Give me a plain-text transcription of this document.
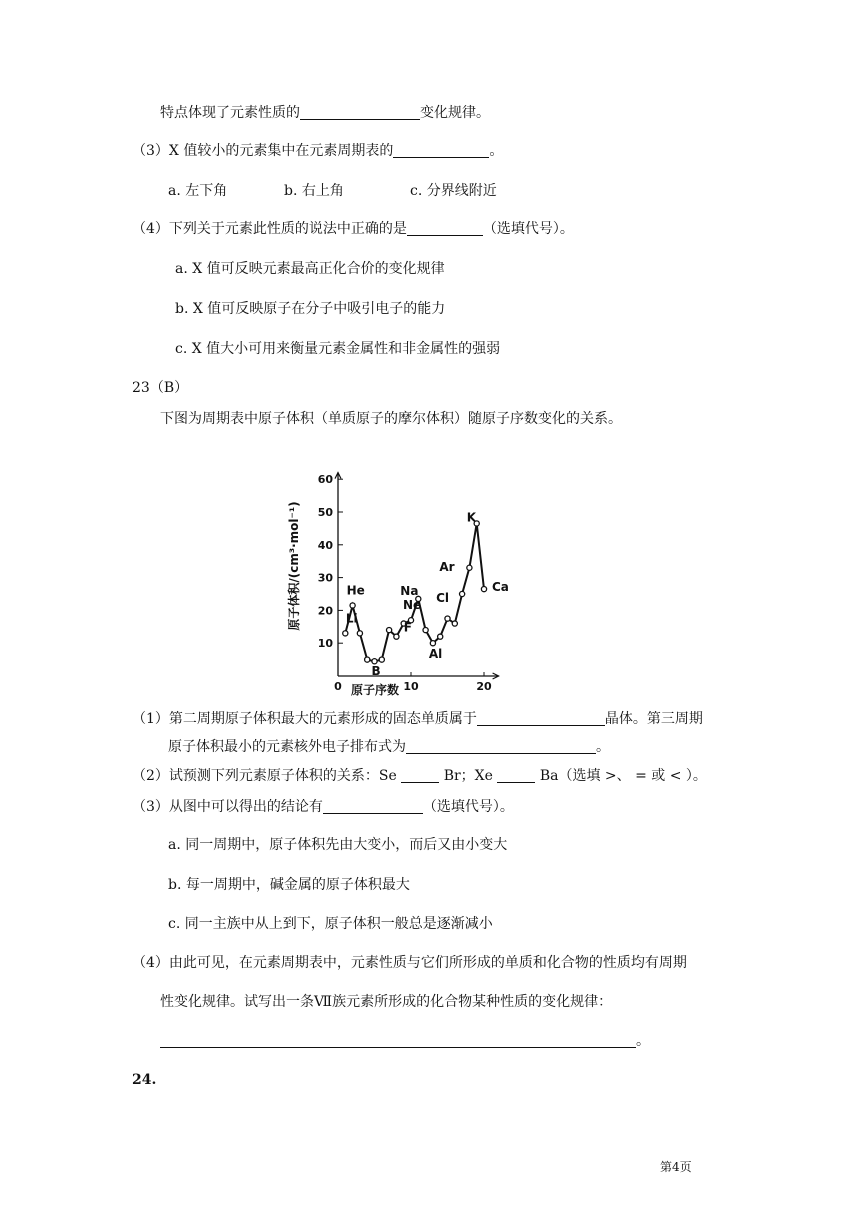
特点体现了元素性质的	变化规律。
（3）X 值较小的元素集中在元素周期表的	。
a. 左下角	b. 右上角	c. 分界线附近
（4）下列关于元素此性质的说法中正确的是	（选填代号）。
a. X 值可反映元素最高正化合价的变化规律
b. X 值可反映原子在分子中吸引电子的能力
c. X 值大小可用来衡量元素金属性和非金属性的强弱
23（B）
下图为周期表中原子体积（单质原子的摩尔体积）随原子序数变化的关系。
10
20
30
40
50
60
0	10	20
He
Li
B
Ne
F
Na
Al
Cl
Ar
K
Ca
原子体积/(cm³·mol⁻¹)
原子序数
（1）第二周期原子体积最大的元素形成的固态单质属于	晶体。第三周期
原子体积最小的元素核外电子排布式为	。
（2）试预测下列元素原子体积的关系：Se	Br；Xe	Ba（选填 >、 = 或 < ）。
（3）从图中可以得出的结论有	（选填代号）。
a. 同一周期中，原子体积先由大变小，而后又由小变大
b. 每一周期中，碱金属的原子体积最大
c. 同一主族中从上到下，原子体积一般总是逐渐减小
（4）由此可见，在元素周期表中，元素性质与它们所形成的单质和化合物的性质均有周期
性变化规律。试写出一条Ⅶ族元素所形成的化合物某种性质的变化规律：
。
24.
第4页
